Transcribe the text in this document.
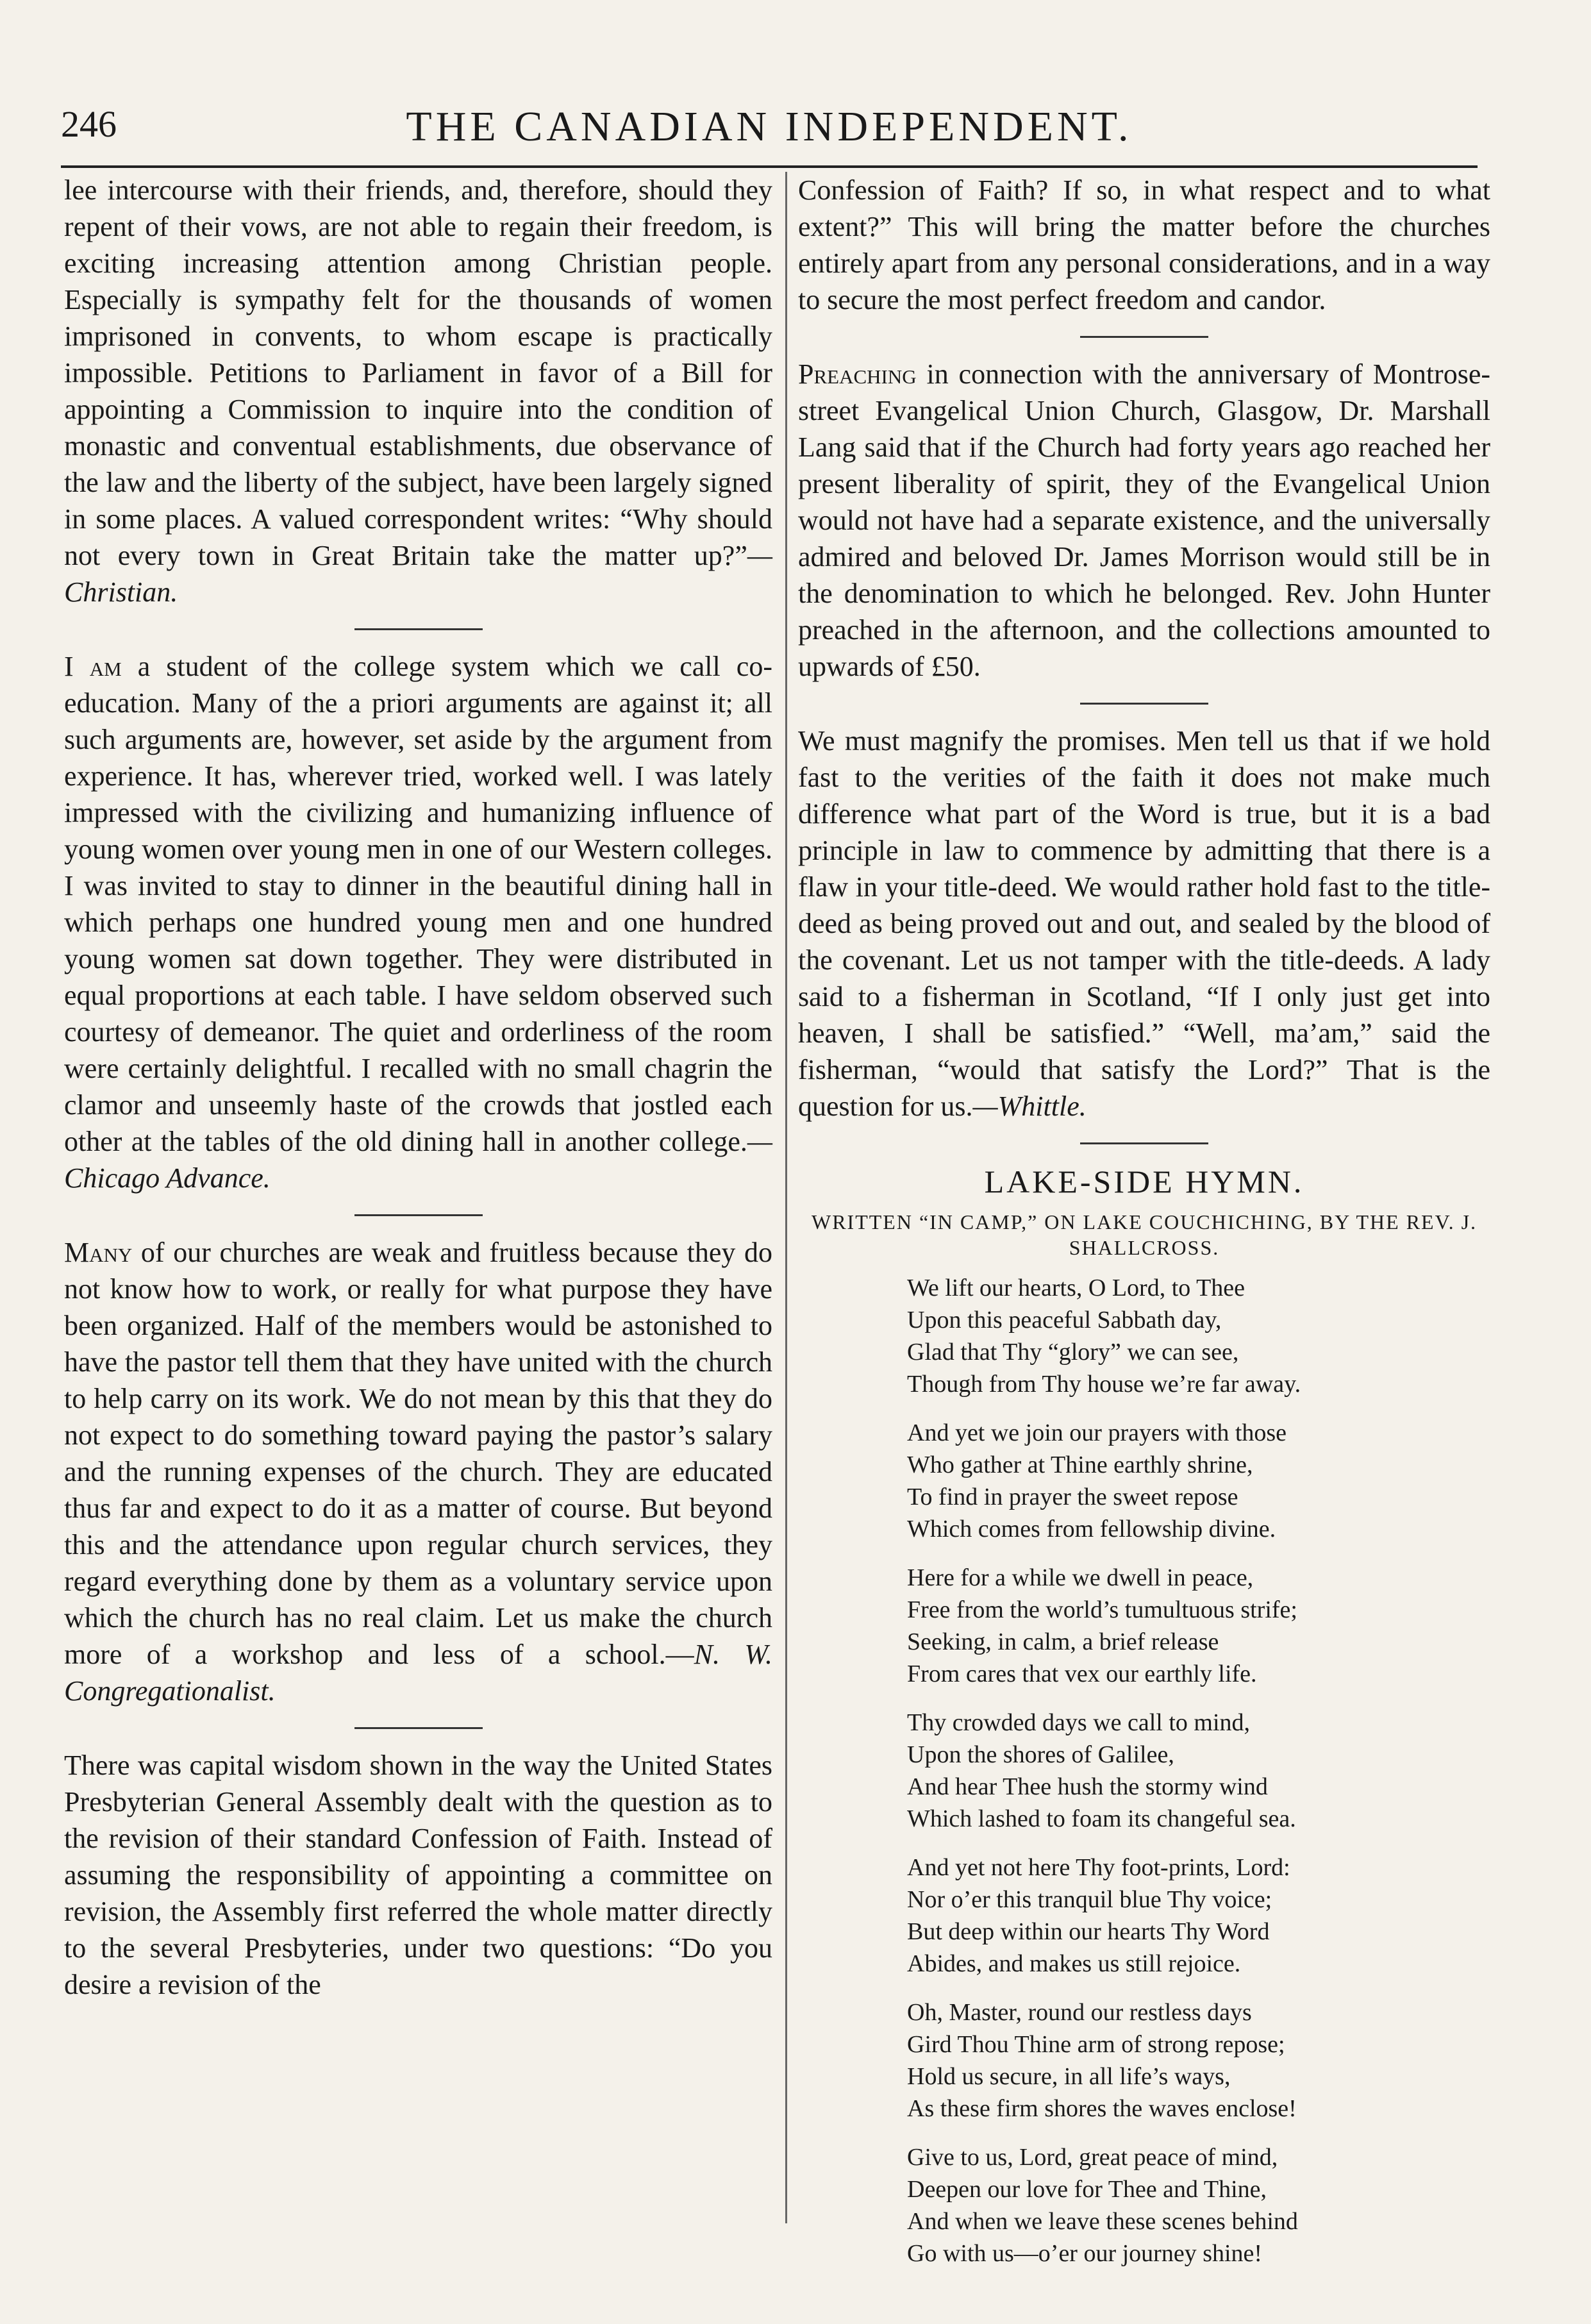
246	THE CANADIAN INDEPENDENT.

lee intercourse with their friends, and, therefore, should they repent of their vows, are not able to regain their freedom, is exciting increasing attention among Christian people. Especially is sympathy felt for the thousands of women imprisoned in convents, to whom escape is practically impossible. Petitions to Parliament in favor of a Bill for appointing a Commission to inquire into the condition of monastic and conventual establishments, due observance of the law and the liberty of the subject, have been largely signed in some places. A valued correspondent writes: “Why should not every town in Great Britain take the matter up?”—Christian.

I am a student of the college system which we call co-education. Many of the a priori arguments are against it; all such arguments are, however, set aside by the argument from experience. It has, wherever tried, worked well. I was lately impressed with the civilizing and humanizing influence of young women over young men in one of our Western colleges. I was invited to stay to dinner in the beautiful dining hall in which perhaps one hundred young men and one hundred young women sat down together. They were distributed in equal proportions at each table. I have seldom observed such courtesy of demeanor. The quiet and orderliness of the room were certainly delightful. I recalled with no small chagrin the clamor and unseemly haste of the crowds that jostled each other at the tables of the old dining hall in another college.—Chicago Advance.

Many of our churches are weak and fruitless because they do not know how to work, or really for what purpose they have been organized. Half of the members would be astonished to have the pastor tell them that they have united with the church to help carry on its work. We do not mean by this that they do not expect to do something toward paying the pastor’s salary and the running expenses of the church. They are educated thus far and expect to do it as a matter of course. But beyond this and the attendance upon regular church services, they regard everything done by them as a voluntary service upon which the church has no real claim. Let us make the church more of a workshop and less of a school.—N. W. Congregationalist.

There was capital wisdom shown in the way the United States Presbyterian General Assembly dealt with the question as to the revision of their standard Confession of Faith. Instead of assuming the responsibility of appointing a committee on revision, the Assembly first referred the whole matter directly to the several Presbyteries, under two questions: “Do you desire a revision of the

Confession of Faith? If so, in what respect and to what extent?” This will bring the matter before the churches entirely apart from any personal considerations, and in a way to secure the most perfect freedom and candor.

Preaching in connection with the anniversary of Montrose-street Evangelical Union Church, Glasgow, Dr. Marshall Lang said that if the Church had forty years ago reached her present liberality of spirit, they of the Evangelical Union would not have had a separate existence, and the universally admired and beloved Dr. James Morrison would still be in the denomination to which he belonged. Rev. John Hunter preached in the afternoon, and the collections amounted to upwards of £50.

We must magnify the promises. Men tell us that if we hold fast to the verities of the faith it does not make much difference what part of the Word is true, but it is a bad principle in law to commence by admitting that there is a flaw in your title-deed. We would rather hold fast to the title-deed as being proved out and out, and sealed by the blood of the covenant. Let us not tamper with the title-deeds. A lady said to a fisherman in Scotland, “If I only just get into heaven, I shall be satisfied.” “Well, ma’am,” said the fisherman, “would that satisfy the Lord?” That is the question for us.—Whittle.

LAKE-SIDE HYMN.
WRITTEN “IN CAMP,” ON LAKE COUCHICHING, BY THE REV. J. SHALLCROSS.
We lift our hearts, O Lord, to Thee
Upon this peaceful Sabbath day,
Glad that Thy “glory” we can see,
Though from Thy house we’re far away.
And yet we join our prayers with those
Who gather at Thine earthly shrine,
To find in prayer the sweet repose
Which comes from fellowship divine.
Here for a while we dwell in peace,
Free from the world’s tumultuous strife;
Seeking, in calm, a brief release
From cares that vex our earthly life.
Thy crowded days we call to mind,
Upon the shores of Galilee,
And hear Thee hush the stormy wind
Which lashed to foam its changeful sea.
And yet not here Thy foot-prints, Lord:
Nor o’er this tranquil blue Thy voice;
But deep within our hearts Thy Word
Abides, and makes us still rejoice.
Oh, Master, round our restless days
Gird Thou Thine arm of strong repose;
Hold us secure, in all life’s ways,
As these firm shores the waves enclose!
Give to us, Lord, great peace of mind,
Deepen our love for Thee and Thine,
And when we leave these scenes behind
Go with us—o’er our journey shine!
